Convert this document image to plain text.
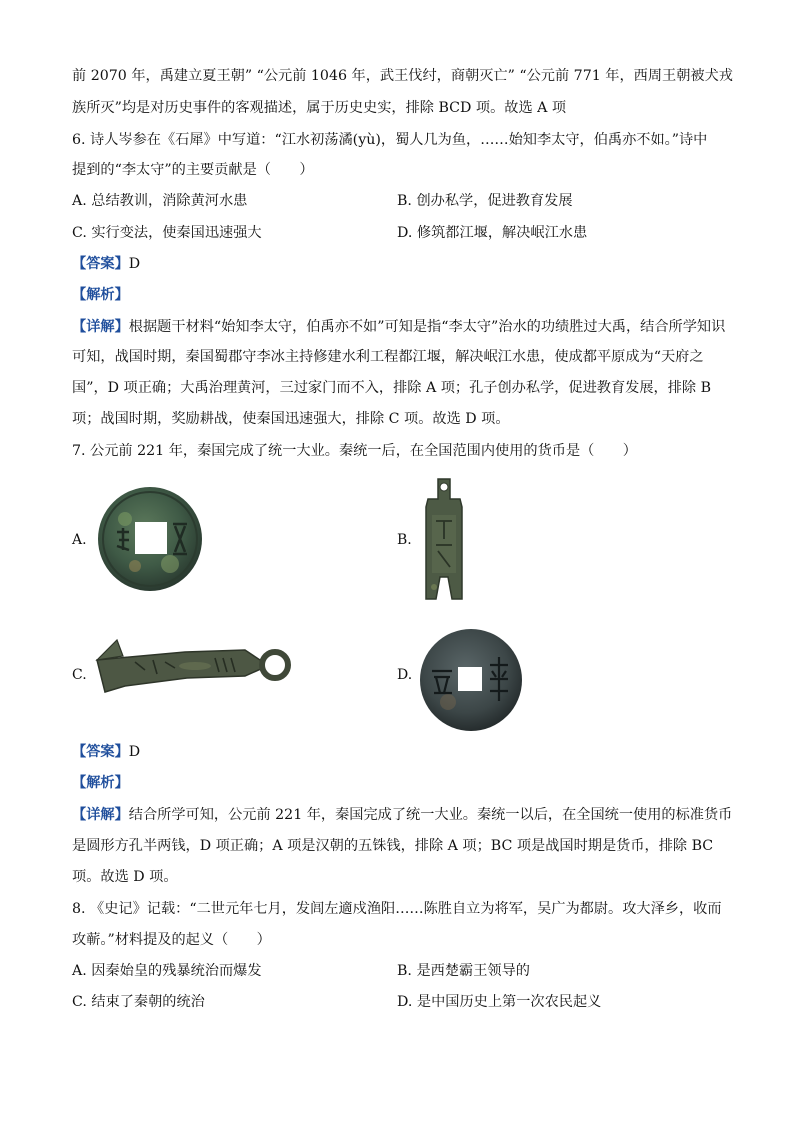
前 2070 年，禹建立夏王朝” “公元前 1046 年，武王伐纣，商朝灭亡” “公元前 771 年，西周王朝被犬戎
族所灭”均是对历史事件的客观描述，属于历史史实，排除 BCD 项。故选 A 项
6. 诗人岑参在《石犀》中写道：“江水初荡潏(yù)，蜀人几为鱼，……始知李太守，伯禹亦不如。”诗中
提到的“李太守”的主要贡献是（　　）
A. 总结教训，消除黄河水患	B. 创办私学，促进教育发展
C. 实行变法，使秦国迅速强大	D. 修筑都江堰，解决岷江水患
【答案】D
【解析】
【详解】根据题干材料“始知李太守，伯禹亦不如”可知是指“李太守”治水的功绩胜过大禹，结合所学知识
可知，战国时期，秦国蜀郡守李冰主持修建水利工程都江堰，解决岷江水患，使成都平原成为“天府之
国”，D 项正确；大禹治理黄河，三过家门而不入，排除 A 项；孔子创办私学，促进教育发展，排除 B
项；战国时期，奖励耕战，使秦国迅速强大，排除 C 项。故选 D 项。
7. 公元前 221 年，秦国完成了统一大业。秦统一后，在全国范围内使用的货币是（　　）
A.	B.
C.	D.
【答案】D
【解析】
【详解】结合所学可知，公元前 221 年，秦国完成了统一大业。秦统一以后，在全国统一使用的标准货币
是圆形方孔半两钱，D 项正确；A 项是汉朝的五铢钱，排除 A 项；BC 项是战国时期是货币，排除 BC
项。故选 D 项。
8. 《史记》记载：“二世元年七月，发闾左適戍渔阳……陈胜自立为将军，吴广为都尉。攻大泽乡，收而
攻蕲。”材料提及的起义（　　）
A. 因秦始皇的残暴统治而爆发	B. 是西楚霸王领导的
C. 结束了秦朝的统治	D. 是中国历史上第一次农民起义
